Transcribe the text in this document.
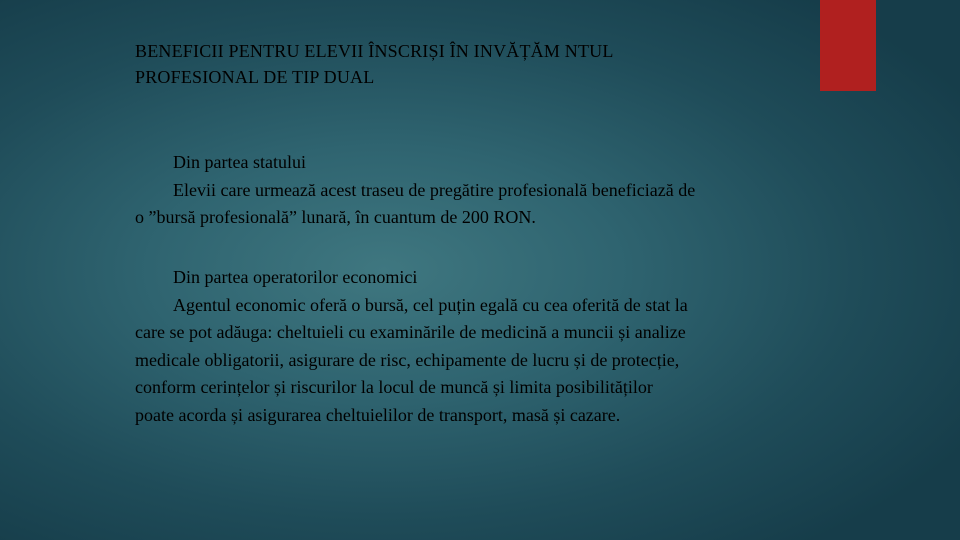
BENEFICII PENTRU ELEVII ÎNSCRIȘI ÎN INVĂȚĂM NTUL
PROFESIONAL DE TIP DUAL
Din partea statului
Elevii care urmează acest traseu de pregătire profesională beneficiază de
o ”bursă profesională” lunară, în cuantum de 200 RON.
Din partea operatorilor economici
Agentul economic oferă o bursă, cel puțin egală cu cea oferită de stat la
care se pot adăuga: cheltuieli cu examinările de medicină a muncii și analize
medicale obligatorii, asigurare de risc, echipamente de lucru și de protecție,
conform cerințelor și riscurilor la locul de muncă și limita posibilităților
poate acorda și asigurarea cheltuielilor de transport, masă și cazare.
